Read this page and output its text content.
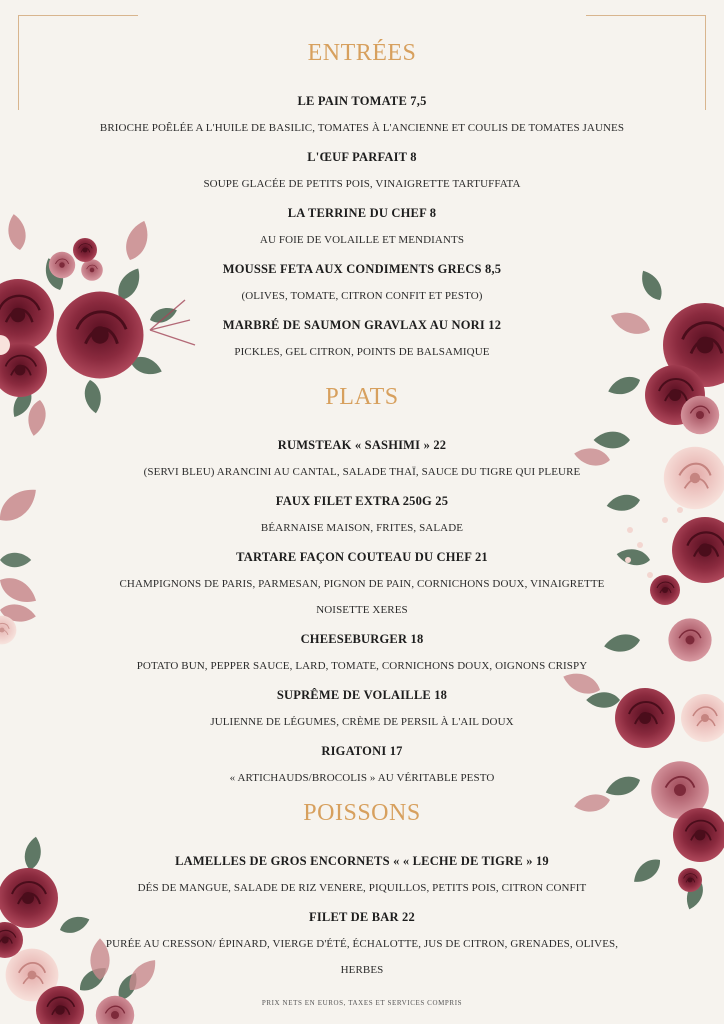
ENTRÉES
LE PAIN TOMATE 7,5
BRIOCHE POÊLÉE A L'HUILE DE BASILIC, TOMATES À L'ANCIENNE ET COULIS DE TOMATES JAUNES
L'ŒUF PARFAIT 8
SOUPE GLACÉE DE PETITS POIS, VINAIGRETTE TARTUFFATA
LA TERRINE DU CHEF 8
AU FOIE DE VOLAILLE ET MENDIANTS
MOUSSE FETA AUX CONDIMENTS GRECS 8,5
(OLIVES, TOMATE, CITRON CONFIT ET PESTO)
MARBRÉ DE SAUMON GRAVLAX AU NORI 12
PICKLES, GEL CITRON, POINTS DE BALSAMIQUE
PLATS
RUMSTEAK « SASHIMI » 22
(SERVI BLEU) ARANCINI AU CANTAL, SALADE THAÏ, SAUCE DU TIGRE QUI PLEURE
FAUX FILET EXTRA 250G 25
BÉARNAISE MAISON, FRITES, SALADE
TARTARE FAÇON COUTEAU DU CHEF 21
CHAMPIGNONS DE PARIS, PARMESAN, PIGNON DE PAIN, CORNICHONS DOUX, VINAIGRETTE
NOISETTE XERES
CHEESEBURGER 18
POTATO BUN, PEPPER SAUCE, LARD, TOMATE, CORNICHONS DOUX, OIGNONS CRISPY
SUPRÊME DE VOLAILLE 18
JULIENNE DE LÉGUMES, CRÈME DE PERSIL À L'AIL DOUX
RIGATONI 17
« ARTICHAUDS/BROCOLIS » AU VÉRITABLE PESTO
POISSONS
LAMELLES DE GROS ENCORNETS « « LECHE DE TIGRE » 19
DÉS DE MANGUE, SALADE DE RIZ VENERE, PIQUILLOS, PETITS POIS, CITRON CONFIT
FILET DE BAR 22
PURÉE AU CRESSON/ ÉPINARD, VIERGE D'ÉTÉ, ÉCHALOTTE, JUS DE CITRON, GRENADES, OLIVES,
HERBES
PRIX NETS EN EUROS, TAXES ET SERVICES COMPRIS
